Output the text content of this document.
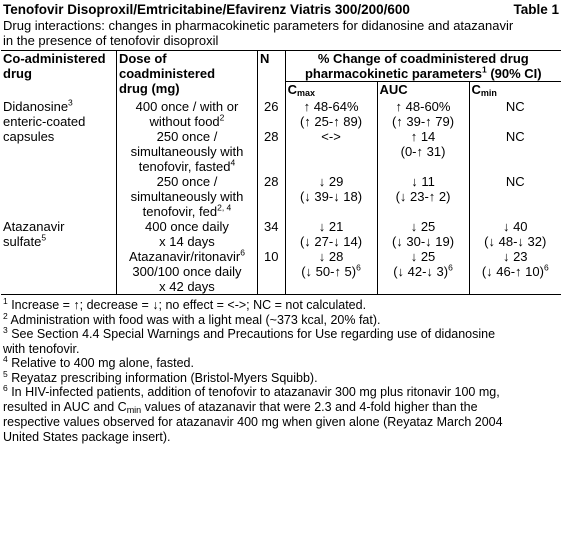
Tenofovir Disoproxil/Emtricitabine/Efavirenz Viatris 300/200/600	Table 1
Drug interactions: changes in pharmacokinetic parameters for didanosine and atazanavir
in the presence of tenofovir disoproxil
Co-administered
drug	Dose of
coadministered
drug (mg)	N	% Change of coadministered drug
pharmacokinetic parameters$^1$ (90% CI)		

			Cmax	AUC	Cmin

Didanosine$^3$
enteric-coated
capsules	400 once / with or
without food$^2$	26	↑ 48-64%
(↑ 25-↑ 89)	↑ 48-60%
(↑ 39-↑ 79)	NC

	250 once /
simultaneously with
tenofovir, fasted$^4$	28	<->	↑ 14
(0-↑ 31)	NC

	250 once /
simultaneously with
tenofovir, fed$^{2, 4}$	28	↓ 29
(↓ 39-↓ 18)	↓ 11
(↓ 23-↑ 2)	NC

Atazanavir
sulfate$^5$	400 once daily
x 14 days	34	↓ 21
(↓ 27-↓ 14)	↓ 25
(↓ 30-↓ 19)	↓ 40
(↓ 48-↓ 32)

	Atazanavir/ritonavir$^6$
300/100 once daily
x 42 days	10	↓ 28
(↓ 50-↑ 5)$^6$	↓ 25
(↓ 42-↓ 3)$^6$	↓ 23
(↓ 46-↑ 10)$^6$
$^1$ Increase = ↑; decrease = ↓; no effect = <->; NC = not calculated.
$^2$ Administration with food was with a light meal (~373 kcal, 20% fat).
$^3$ See Section 4.4 Special Warnings and Precautions for Use regarding use of didanosine
with tenofovir.
$^4$ Relative to 400 mg alone, fasted.
$^5$ Reyataz prescribing information (Bristol-Myers Squibb).
$^6$ In HIV-infected patients, addition of tenofovir to atazanavir 300 mg plus ritonavir 100 mg,
resulted in AUC and Cmin values of atazanavir that were 2.3 and 4-fold higher than the
respective values observed for atazanavir 400 mg when given alone (Reyataz March 2004
United States package insert).
